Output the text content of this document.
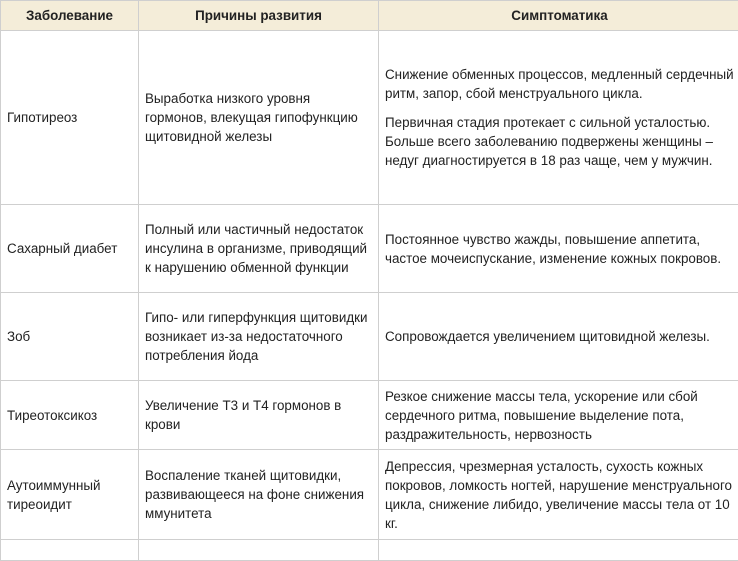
Заболевание	Причины развития	Симптоматика
Гипотиреоз	Выработка низкого уровня гормонов, влекущая гипофункцию щитовидной железы	Снижение обменных процессов, медленный сердечный ритм, запор, сбой менструального цикла.

Первичная стадия протекает с сильной усталостью. Больше всего заболеванию подвержены женщины – недуг диагностируется в 18 раз чаще, чем у мужчин.

Сахарный диабет	Полный или частичный недостаток инсулина в организме, приводящий к нарушению обменной функции	Постоянное чувство жажды, повышение аппетита, частое мочеиспускание, изменение кожных покровов.

Зоб	Гипо- или гиперфункция щитовидки возникает из-за недостаточного потребления йода	Сопровождается увеличением щитовидной железы.

Тиреотоксикоз	Увеличение Т3 и Т4 гормонов в крови	Резкое снижение массы тела, ускорение или сбой сердечного ритма, повышение выделение пота, раздражительность, нервозность

Аутоиммунный тиреоидит	Воспаление тканей щитовидки, развивающееся на фоне снижения ммунитета	Депрессия, чрезмерная усталость, сухость кожных покровов, ломкость ногтей, нарушение менструального цикла, снижение либидо, увеличение массы тела от 10 кг.
